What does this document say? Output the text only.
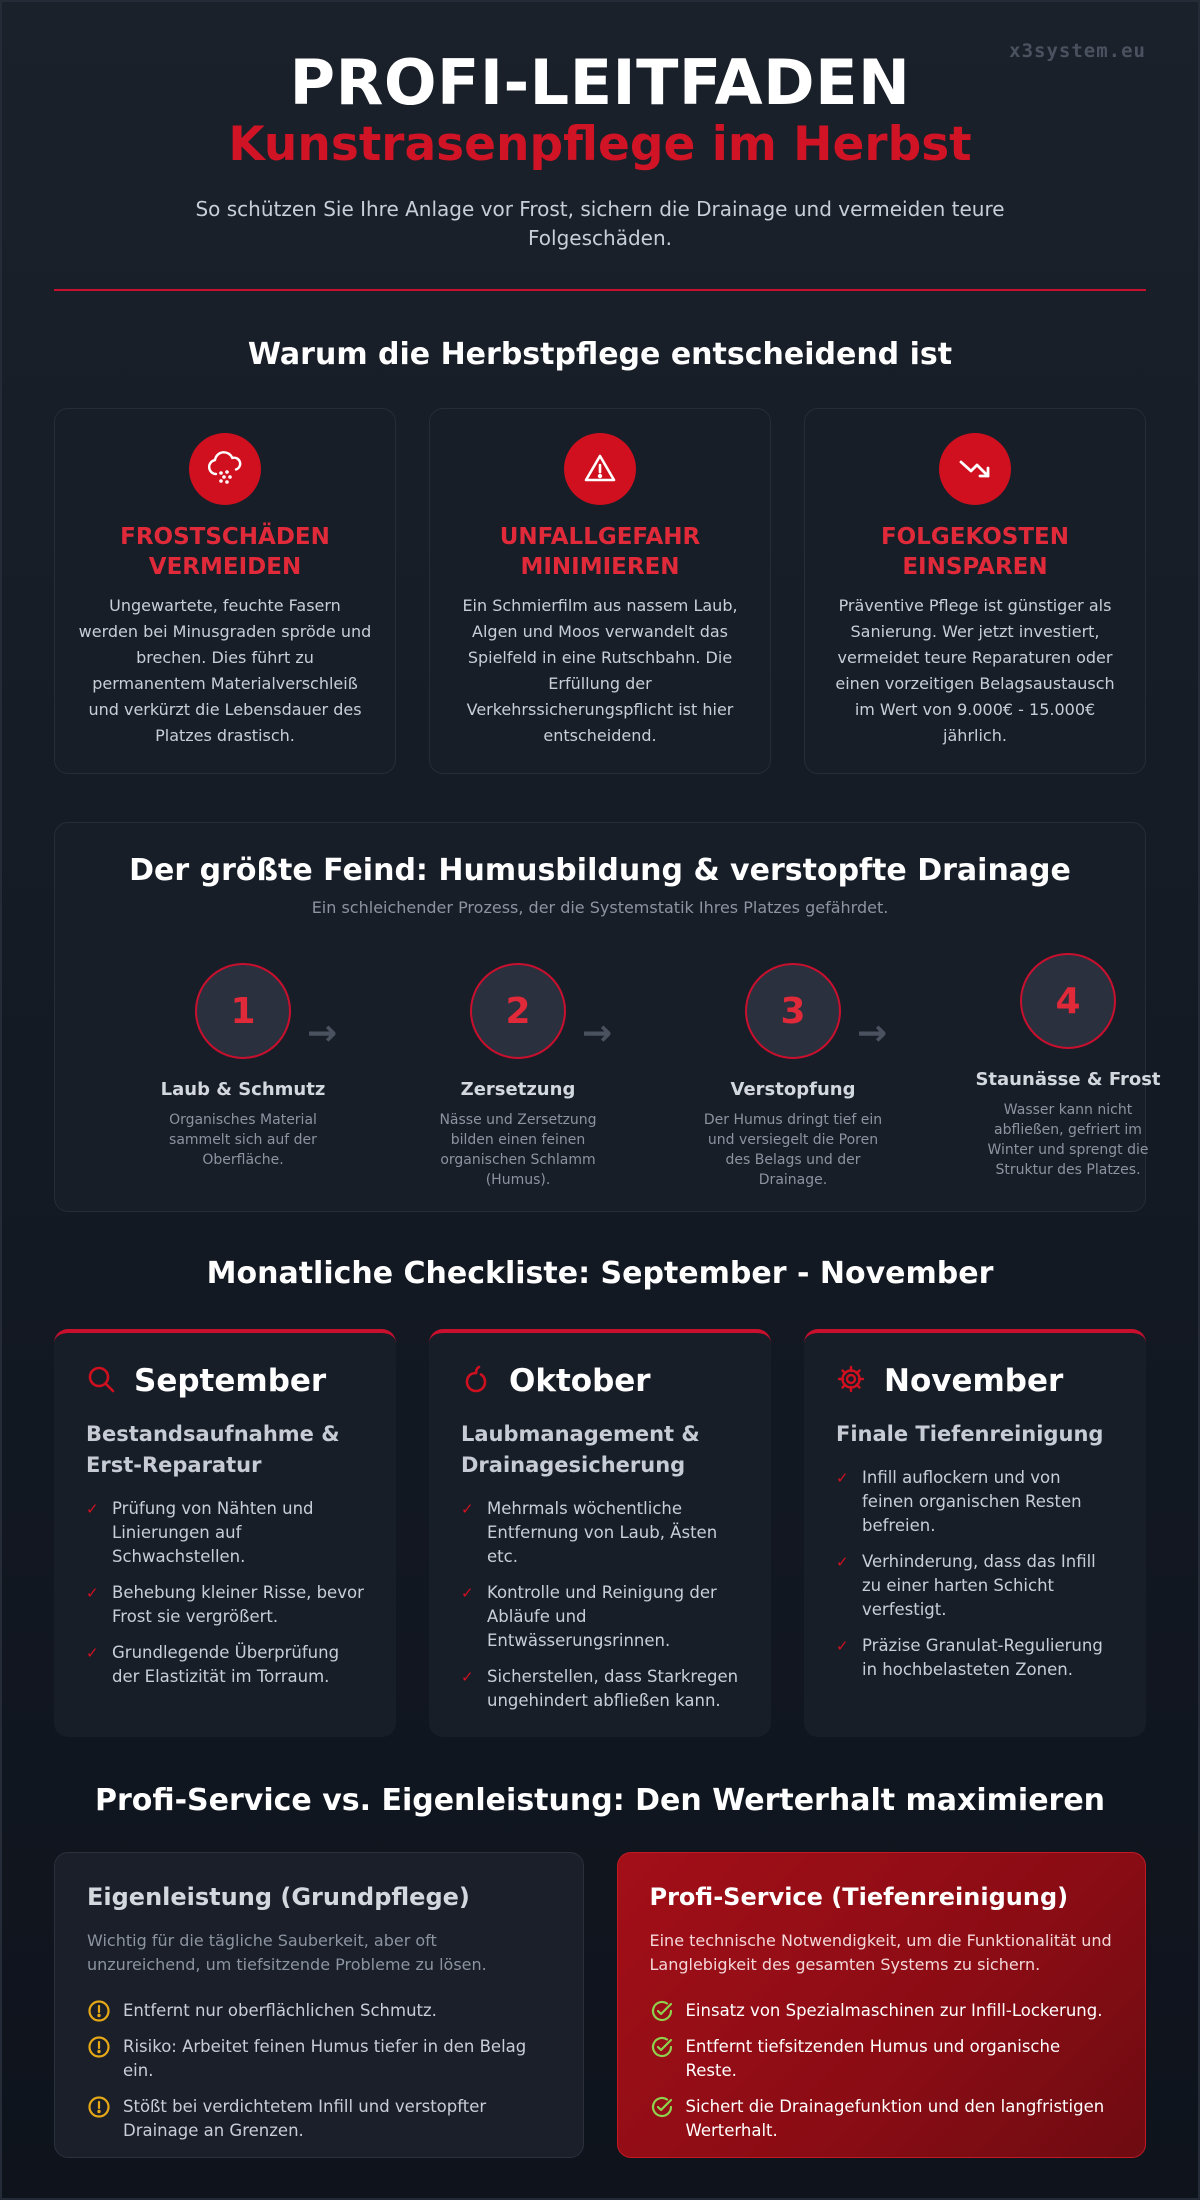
x3system.eu
PROFI-LEITFADEN
Kunstrasenpflege im Herbst
So schützen Sie Ihre Anlage vor Frost, sichern die Drainage und vermeiden teure Folgeschäden.
Warum die Herbstpflege entscheidend ist
FROSTSCHÄDEN VERMEIDEN
Ungewartete, feuchte Fasern werden bei Minusgraden spröde und brechen. Dies führt zu permanentem Materialverschleiß und verkürzt die Lebensdauer des Platzes drastisch.
UNFALLGEFAHR MINIMIEREN
Ein Schmierfilm aus nassem Laub, Algen und Moos verwandelt das Spielfeld in eine Rutschbahn. Die Erfüllung der Verkehrssicherungspflicht ist hier entscheidend.
FOLGEKOSTEN EINSPAREN
Präventive Pflege ist günstiger als Sanierung. Wer jetzt investiert, vermeidet teure Reparaturen oder einen vorzeitigen Belagsaustausch im Wert von 9.000€ - 15.000€ jährlich.
Der größte Feind: Humusbildung & verstopfte Drainage
Ein schleichender Prozess, der die Systemstatik Ihres Platzes gefährdet.
1
Laub & Schmutz
Organisches Material sammelt sich auf der Oberfläche.
→
2
Zersetzung
Nässe und Zersetzung bilden einen feinen organischen Schlamm (Humus).
→
3
Verstopfung
Der Humus dringt tief ein und versiegelt die Poren des Belags und der Drainage.
→
4
Staunässe & Frost
Wasser kann nicht abfließen, gefriert im Winter und sprengt die Struktur des Platzes.
Monatliche Checkliste: September - November
September
Bestandsaufnahme & Erst-Reparatur
✓ Prüfung von Nähten und Linierungen auf Schwachstellen.
✓ Behebung kleiner Risse, bevor Frost sie vergrößert.
✓ Grundlegende Überprüfung der Elastizität im Torraum.
Oktober
Laubmanagement & Drainagesicherung
✓ Mehrmals wöchentliche Entfernung von Laub, Ästen etc.
✓ Kontrolle und Reinigung der Abläufe und Entwässerungsrinnen.
✓ Sicherstellen, dass Starkregen ungehindert abfließen kann.
November
Finale Tiefenreinigung
✓ Infill auflockern und von feinen organischen Resten befreien.
✓ Verhinderung, dass das Infill zu einer harten Schicht verfestigt.
✓ Präzise Granulat-Regulierung in hochbelasteten Zonen.
Profi-Service vs. Eigenleistung: Den Werterhalt maximieren
Eigenleistung (Grundpflege)
Wichtig für die tägliche Sauberkeit, aber oft unzureichend, um tiefsitzende Probleme zu lösen.
Entfernt nur oberflächlichen Schmutz.
Risiko: Arbeitet feinen Humus tiefer in den Belag ein.
Stößt bei verdichtetem Infill und verstopfter Drainage an Grenzen.
Profi-Service (Tiefenreinigung)
Eine technische Notwendigkeit, um die Funktionalität und Langlebigkeit des gesamten Systems zu sichern.
Einsatz von Spezialmaschinen zur Infill-Lockerung.
Entfernt tiefsitzenden Humus und organische Reste.
Sichert die Drainagefunktion und den langfristigen Werterhalt.
